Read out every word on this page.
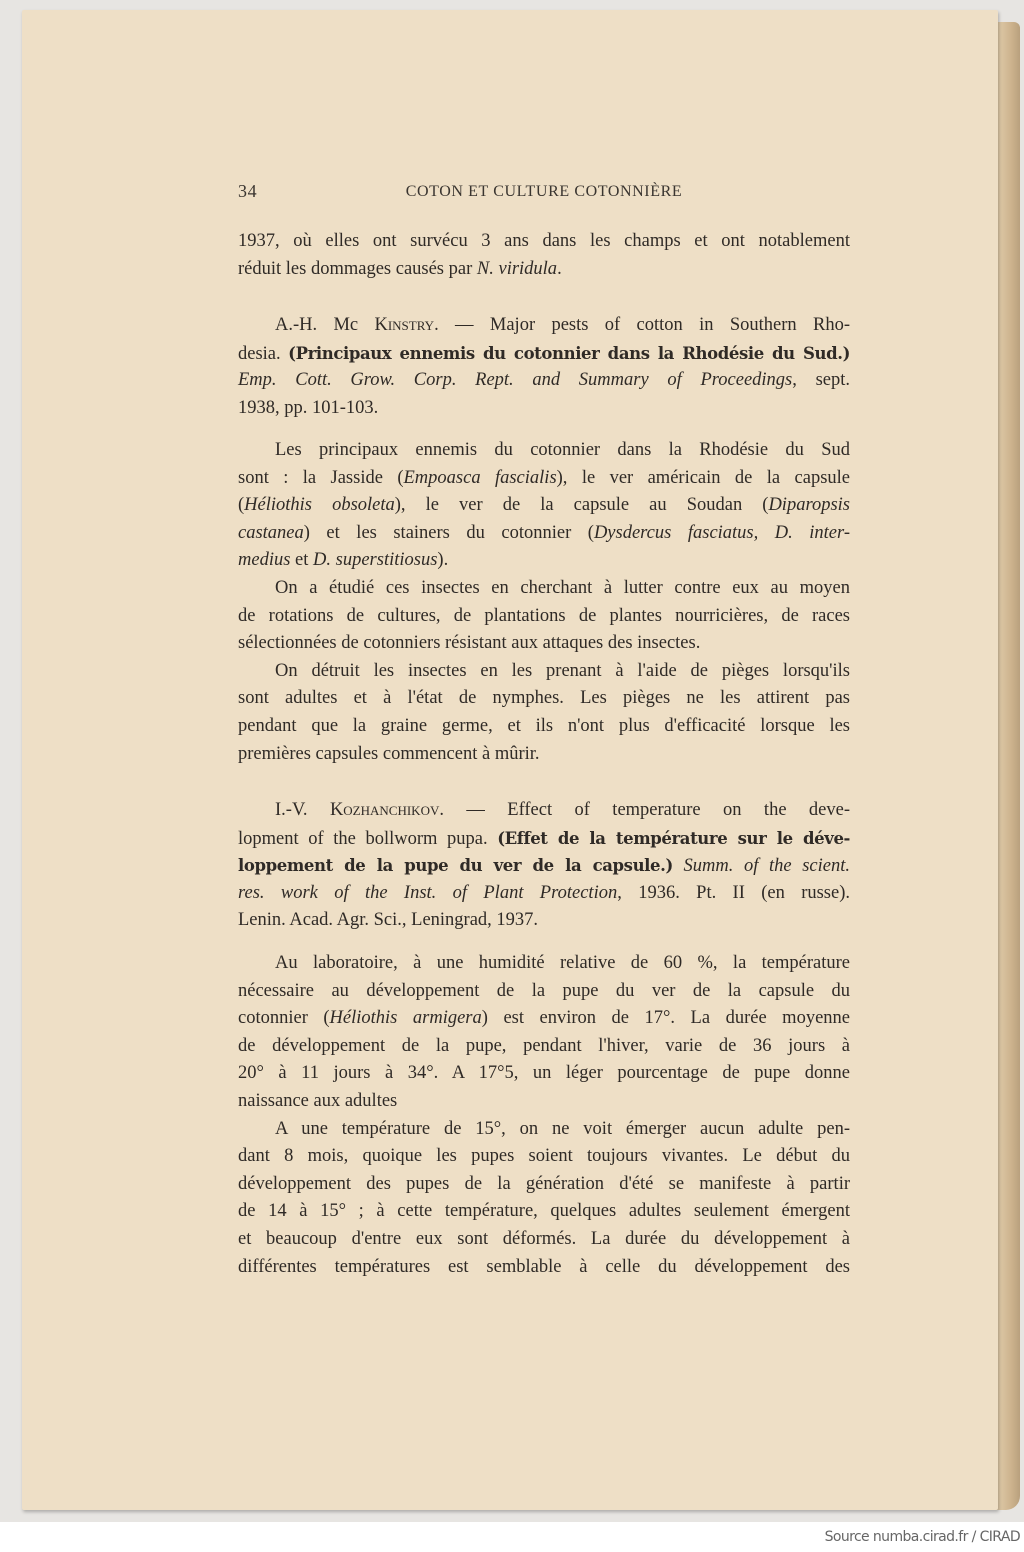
34	COTON ET CULTURE COTONNIÈRE
1937, où elles ont survécu 3 ans dans les champs et ont notablement
réduit les dommages causés par N. viridula.
A.-H. Mc Kinstry. — Major pests of cotton in Southern Rho-
desia. (Principaux ennemis du cotonnier dans la Rhodésie du Sud.)
Emp. Cott. Grow. Corp. Rept. and Summary of Proceedings, sept.
1938, pp. 101-103.
Les principaux ennemis du cotonnier dans la Rhodésie du Sud
sont : la Jasside (Empoasca fascialis), le ver américain de la capsule
(Héliothis obsoleta), le ver de la capsule au Soudan (Diparopsis
castanea) et les stainers du cotonnier (Dysdercus fasciatus, D. inter-
medius et D. superstitiosus).
On a étudié ces insectes en cherchant à lutter contre eux au moyen
de rotations de cultures, de plantations de plantes nourricières, de races
sélectionnées de cotonniers résistant aux attaques des insectes.
On détruit les insectes en les prenant à l'aide de pièges lorsqu'ils
sont adultes et à l'état de nymphes. Les pièges ne les attirent pas
pendant que la graine germe, et ils n'ont plus d'efficacité lorsque les
premières capsules commencent à mûrir.
I.-V. Kozhanchikov. — Effect of temperature on the deve-
lopment of the bollworm pupa. (Effet de la température sur le déve-
loppement de la pupe du ver de la capsule.) Summ. of the scient.
res. work of the Inst. of Plant Protection, 1936. Pt. II (en russe).
Lenin. Acad. Agr. Sci., Leningrad, 1937.
Au laboratoire, à une humidité relative de 60 %, la température
nécessaire au développement de la pupe du ver de la capsule du
cotonnier (Héliothis armigera) est environ de 17°. La durée moyenne
de développement de la pupe, pendant l'hiver, varie de 36 jours à
20° à 11 jours à 34°. A 17°5, un léger pourcentage de pupe donne
naissance aux adultes
A une température de 15°, on ne voit émerger aucun adulte pen-
dant 8 mois, quoique les pupes soient toujours vivantes. Le début du
développement des pupes de la génération d'été se manifeste à partir
de 14 à 15° ; à cette température, quelques adultes seulement émergent
et beaucoup d'entre eux sont déformés. La durée du développement à
différentes températures est semblable à celle du développement des
Source numba.cirad.fr / CIRAD
